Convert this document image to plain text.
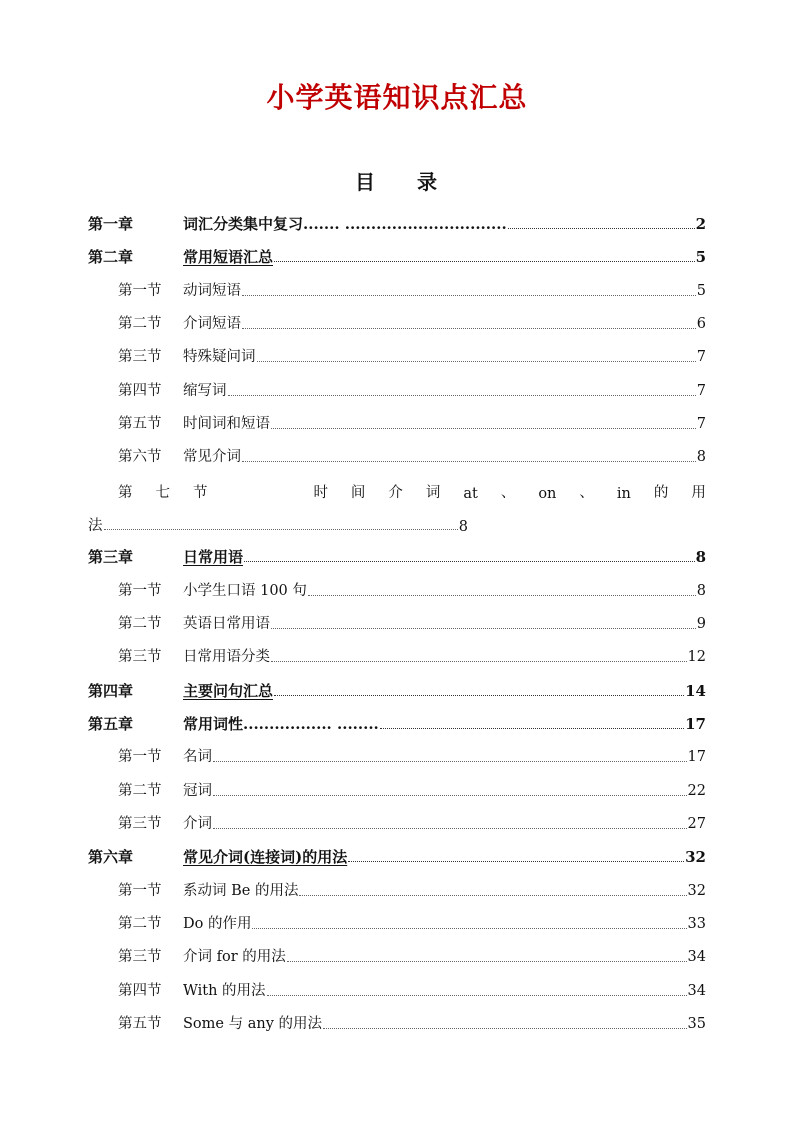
小学英语知识点汇总
目 录
第一章	词汇分类集中复习....... ...............................	2
第二章	常用短语汇总	5
第一节	动词短语	5
第二节	介词短语	6
第三节	特殊疑问词	7
第四节	缩写词	7
第五节	时间词和短语	7
第六节	常见介词	8
第 七 节	时 间 介 词 at 、 on 、 in 的 用
法	8
第三章	日常用语	8
第一节	小学生口语 100 句	8
第二节	英语日常用语	9
第三节	日常用语分类	12
第四章	主要问句汇总	14
第五章	常用词性................. ........	17
第一节	名词	17
第二节	冠词	22
第三节	介词	27
第六章	常见介词(连接词)的用法	32
第一节	系动词 Be 的用法	32
第二节	Do 的作用	33
第三节	介词 for 的用法	34
第四节	With 的用法	34
第五节	Some 与 any 的用法	35
